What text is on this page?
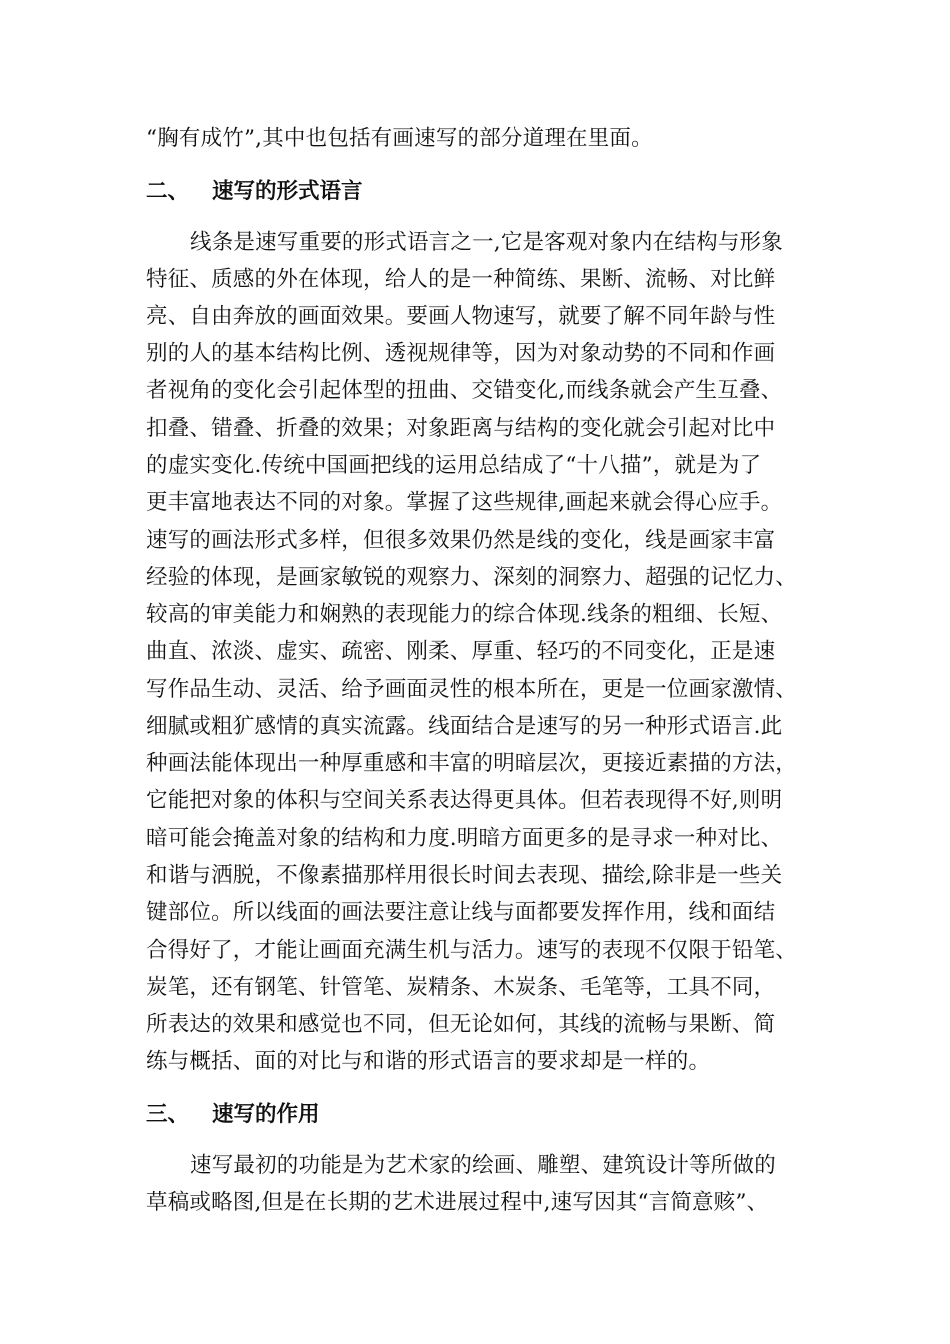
“胸有成竹”,其中也包括有画速写的部分道理在里面。
二、 速写的形式语言
线条是速写重要的形式语言之一,它是客观对象内在结构与形象
特征、质感的外在体现，给人的是一种简练、果断、流畅、对比鲜
亮、自由奔放的画面效果。要画人物速写，就要了解不同年龄与性
别的人的基本结构比例、透视规律等，因为对象动势的不同和作画
者视角的变化会引起体型的扭曲、交错变化,而线条就会产生互叠、
扣叠、错叠、折叠的效果；对象距离与结构的变化就会引起对比中
的虚实变化.传统中国画把线的运用总结成了“十八描”，就是为了
更丰富地表达不同的对象。掌握了这些规律,画起来就会得心应手。
速写的画法形式多样，但很多效果仍然是线的变化，线是画家丰富
经验的体现，是画家敏锐的观察力、深刻的洞察力、超强的记忆力、
较高的审美能力和娴熟的表现能力的综合体现.线条的粗细、长短、
曲直、浓淡、虚实、疏密、刚柔、厚重、轻巧的不同变化，正是速
写作品生动、灵活、给予画面灵性的根本所在，更是一位画家激情、
细腻或粗犷感情的真实流露。线面结合是速写的另一种形式语言.此
种画法能体现出一种厚重感和丰富的明暗层次，更接近素描的方法，
它能把对象的体积与空间关系表达得更具体。但若表现得不好,则明
暗可能会掩盖对象的结构和力度.明暗方面更多的是寻求一种对比、
和谐与洒脱，不像素描那样用很长时间去表现、描绘,除非是一些关
键部位。所以线面的画法要注意让线与面都要发挥作用，线和面结
合得好了，才能让画面充满生机与活力。速写的表现不仅限于铅笔、
炭笔，还有钢笔、针管笔、炭精条、木炭条、毛笔等，工具不同，
所表达的效果和感觉也不同，但无论如何，其线的流畅与果断、简
练与概括、面的对比与和谐的形式语言的要求却是一样的。
三、 速写的作用
速写最初的功能是为艺术家的绘画、雕塑、建筑设计等所做的
草稿或略图,但是在长期的艺术进展过程中,速写因其“言简意赅”、
